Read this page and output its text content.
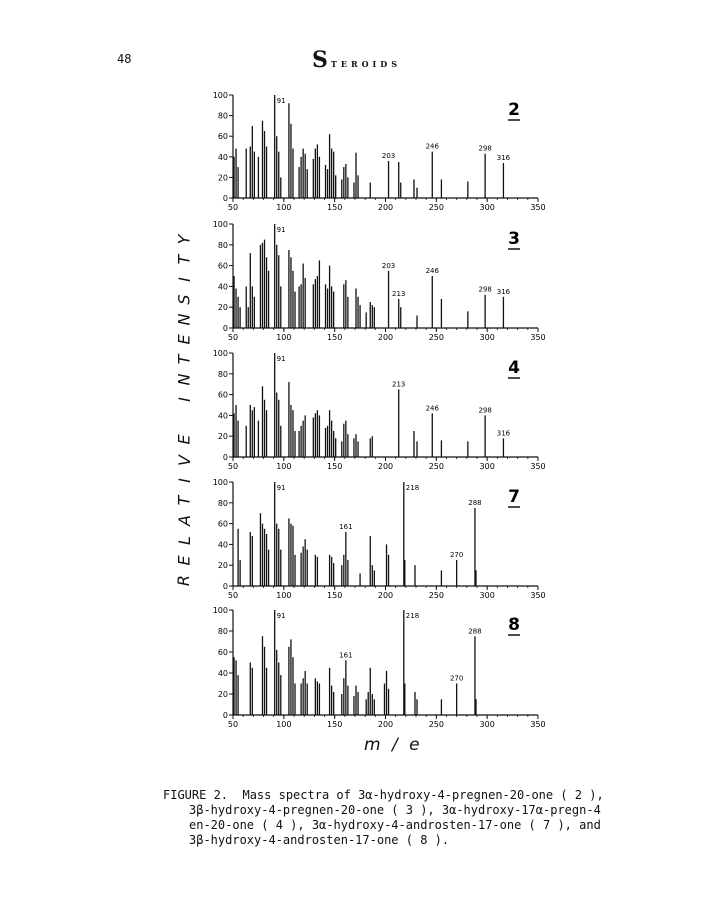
48	Steroids
0
20
40
60
80
100
50	100	150	200	250	300	350
91
203
246	298
316
2
0
20
40
60
80
100
50	100	150	200	250	300	350
91
203
213
246
298 316
3
0
20
40
60
80
100
50	100	150	200	250	300	350
91
213
246	298
316
4
0
20
40
60
80
100
50	100	150	200	250	300	350
91
161
218
270
288 7
0
20
40
60
80
100
50	100	150	200	250	300	350
91
161
218
270
288 8
Y
T
I
S
N
E
T
N
I

E
V
I
T
A
L
E
R
m / e
FIGURE 2.  Mass spectra of 3α-hydroxy-4-pregnen-20-one ( 2 ),
3β-hydroxy-4-pregnen-20-one ( 3 ), 3α-hydroxy-17α-pregn-4
en-20-one ( 4 ), 3α-hydroxy-4-androsten-17-one ( 7 ), and
3β-hydroxy-4-androsten-17-one ( 8 ).
